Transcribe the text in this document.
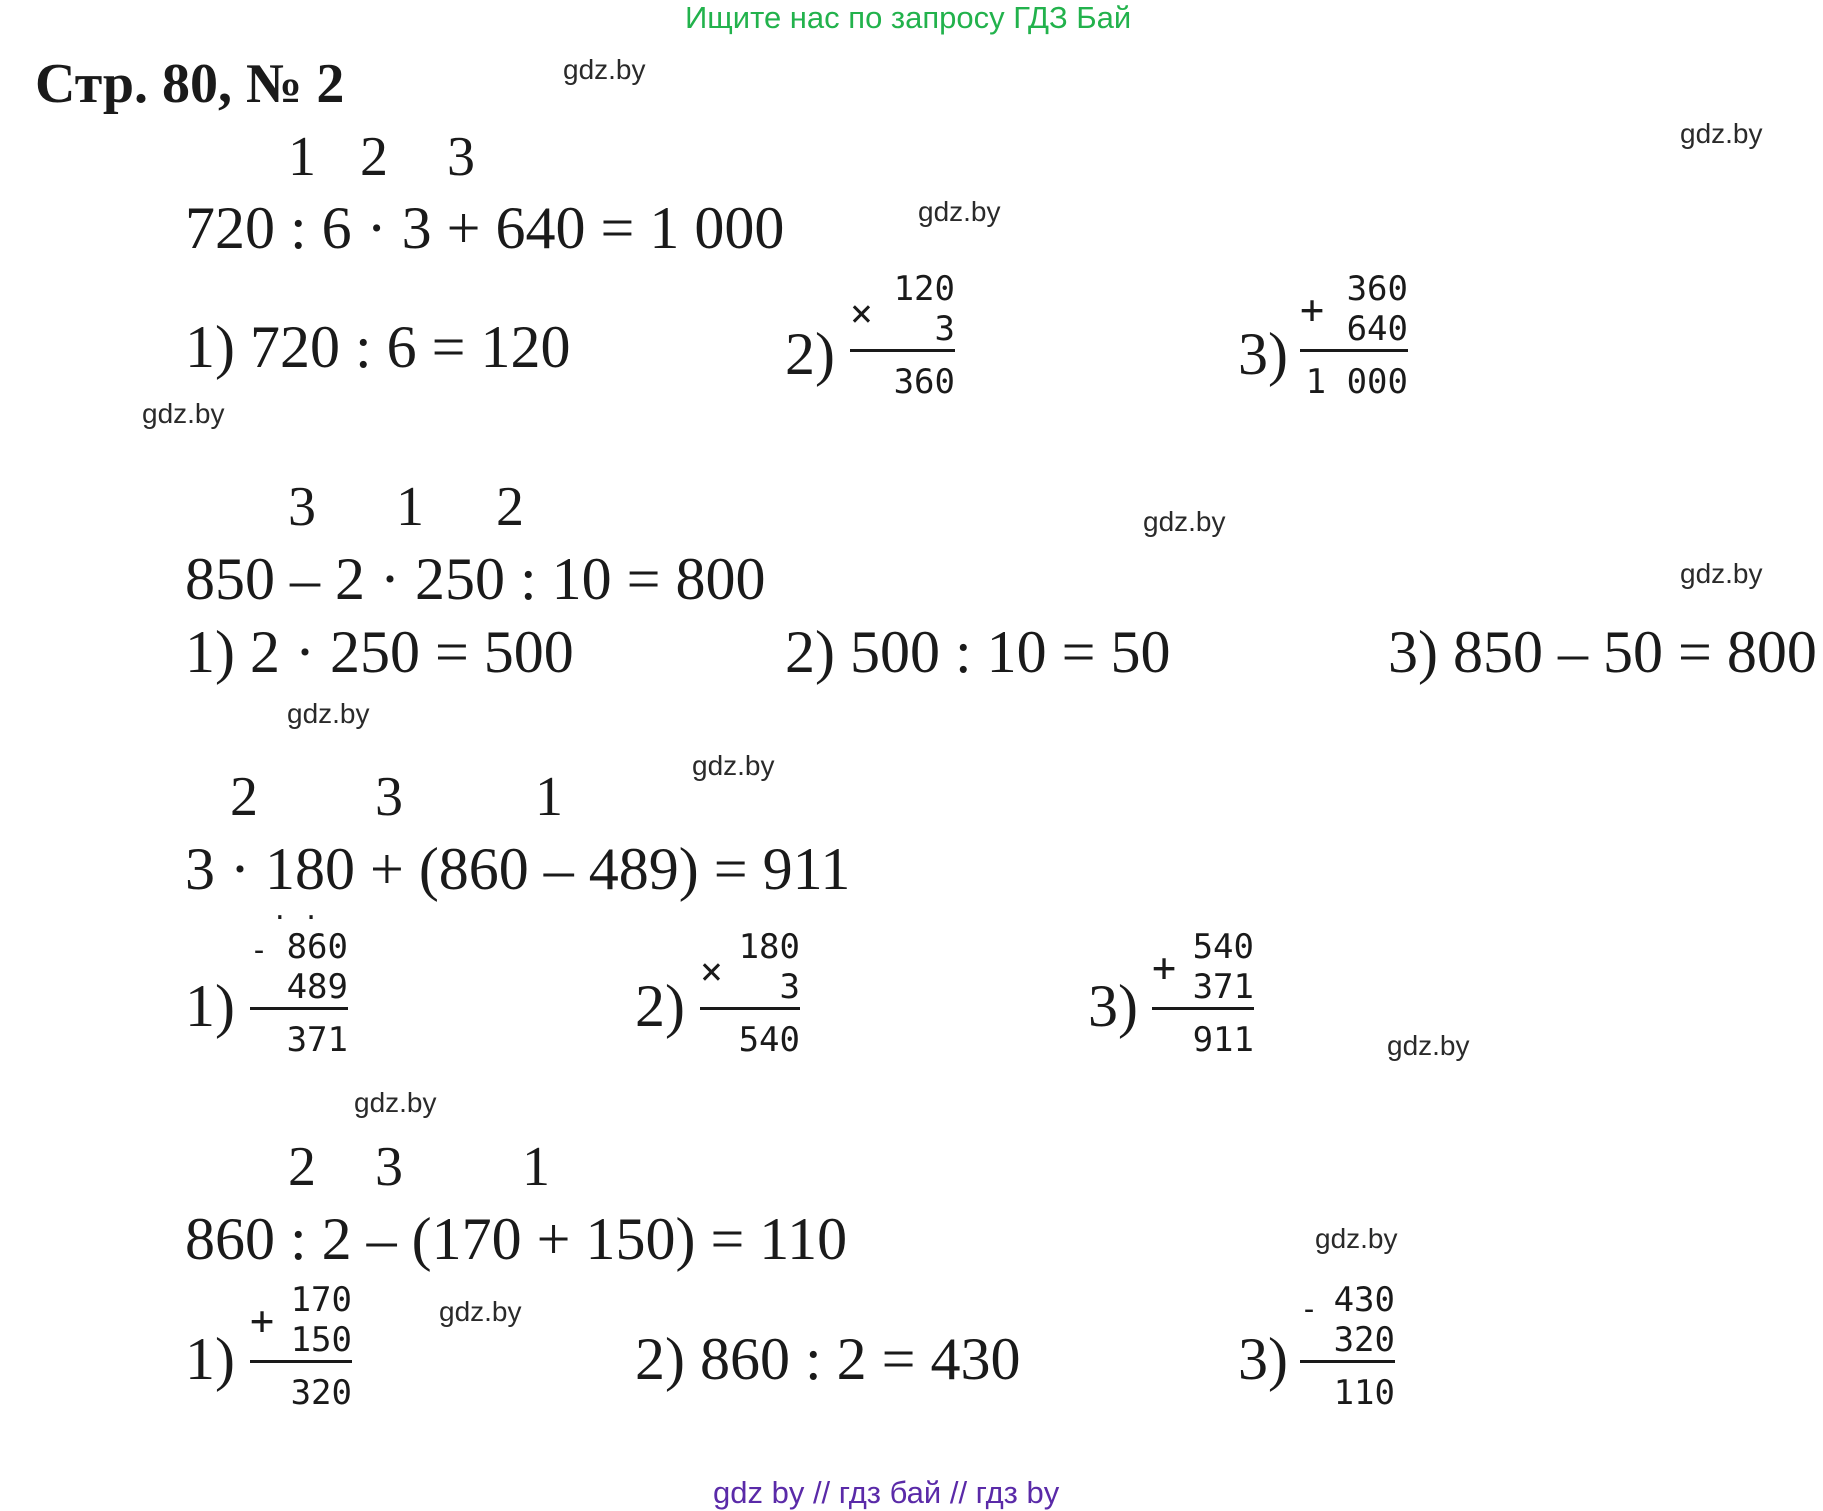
Ищите нас по запросу ГДЗ Бай
Стр. 80, № 2	gdz.by
gdz.by
gdz.by
gdz.by
gdz.by
gdz.by
gdz.by
gdz.by
gdz.by
gdz.by
gdz.by
gdz.by
1 2 3
720 : 6 · 3 + 640 = 1 000
1) 720 : 6 = 120	2)
×
120
3
360	3)
+ 360
640
1 000
3 1 2
850 – 2 · 250 : 10 = 800
1) 2 · 250 = 500	2) 500 : 10 = 50	3) 850 – 50 = 800
2 3 1
3 · 180 + (860 – 489) = 911
1)
. .
- 860
489
371
2)
×
180
3
540
3)
+ 540
371
911
2 3 1
860 : 2 – (170 + 150) = 110
1)
+ 170
150
320
2) 860 : 2 = 430	3)
- 430
320
110
gdz by // гдз бай // гдз by
